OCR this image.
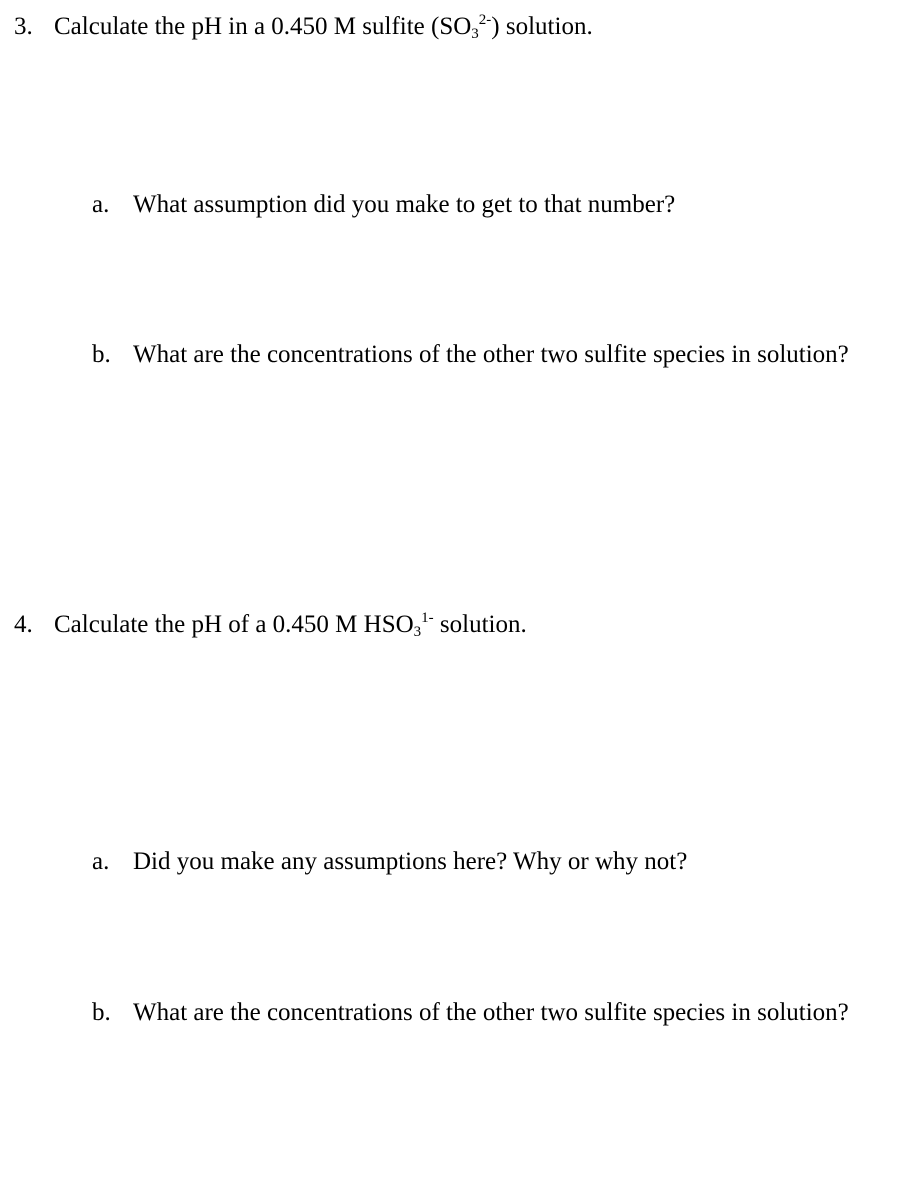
3. Calculate the pH in a 0.450 M sulfite $(SO_3^{2-})$ solution.
a. What assumption did you make to get to that number?
b. What are the concentrations of the other two sulfite species in solution?
4. Calculate the pH of a 0.450 M $HSO_3^{1-}$ solution.
a. Did you make any assumptions here? Why or why not?
b. What are the concentrations of the other two sulfite species in solution?
